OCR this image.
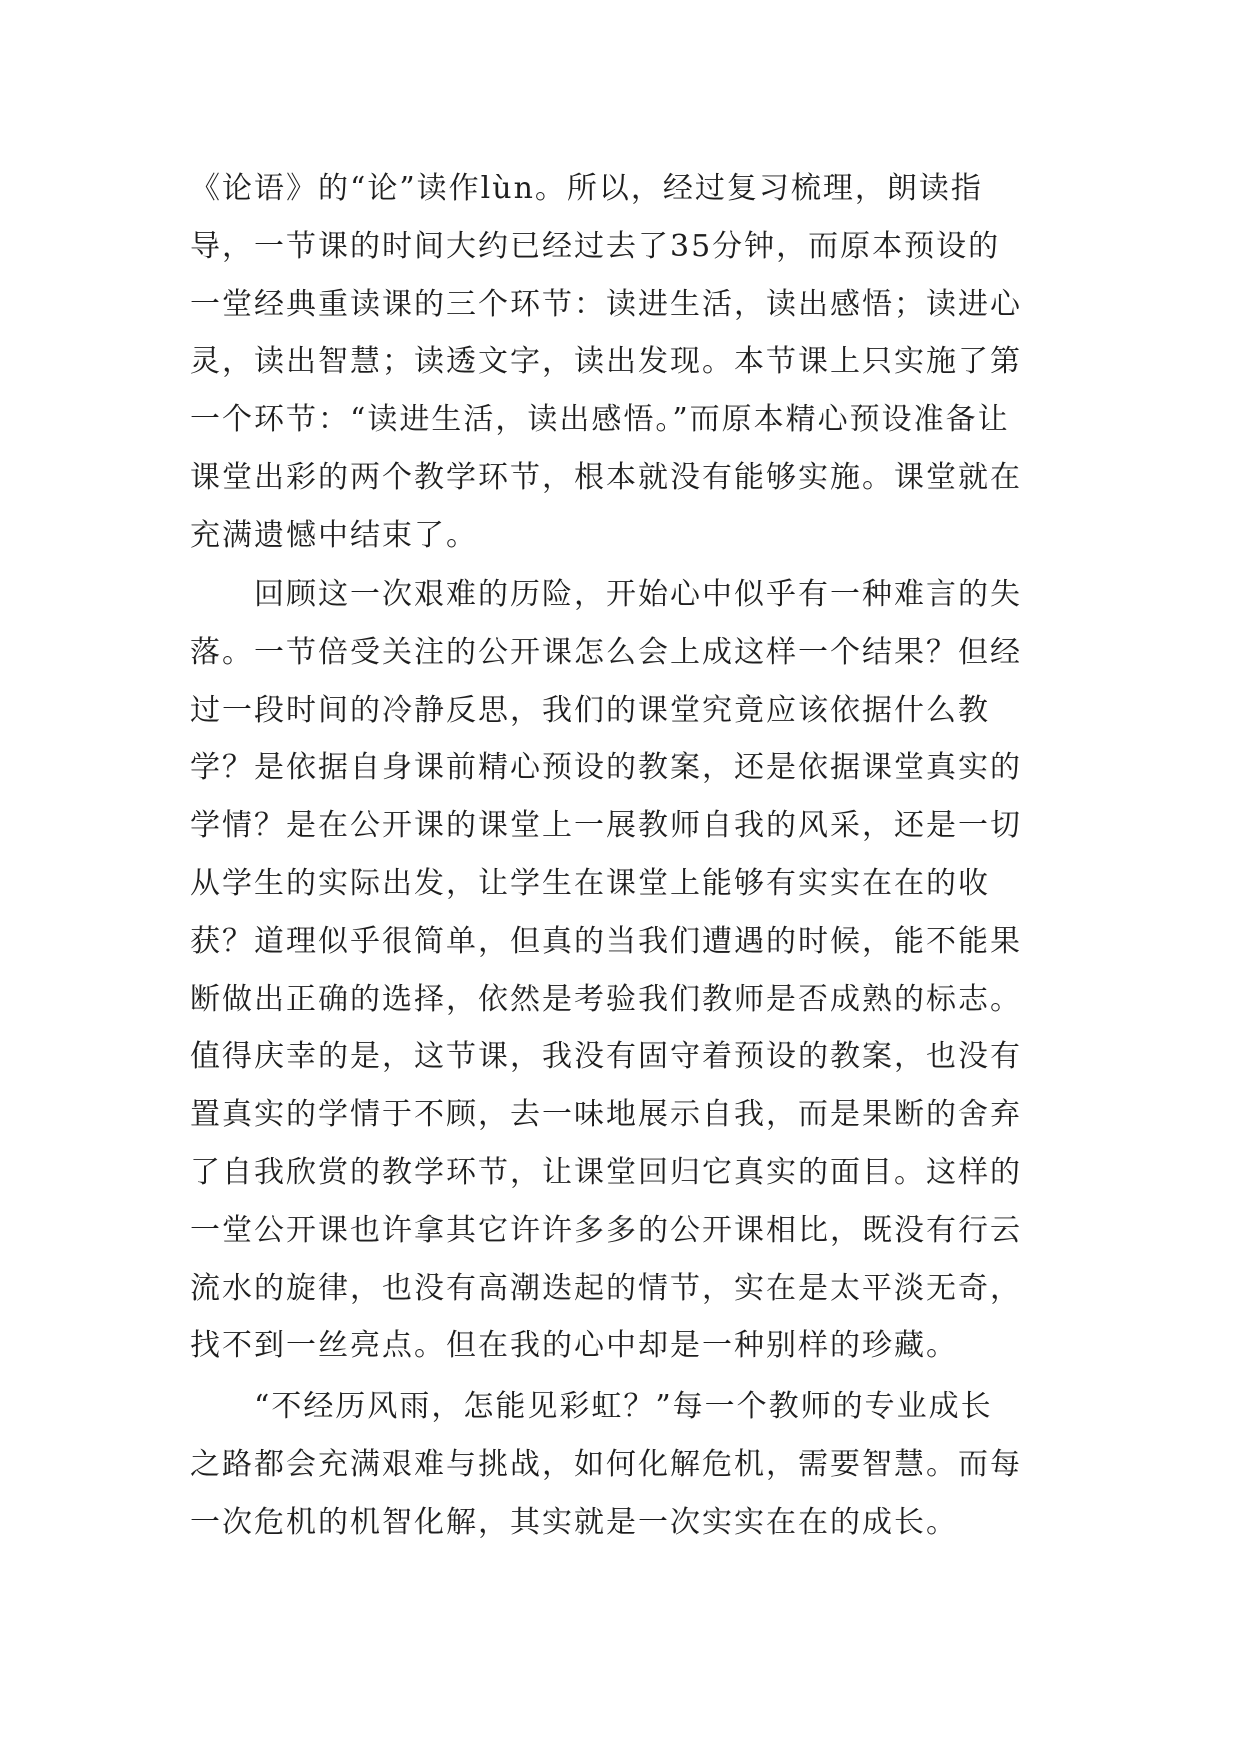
《论语》的“论”读作lùn。所以，经过复习梳理，朗读指
导，一节课的时间大约已经过去了35分钟，而原本预设的
一堂经典重读课的三个环节：读进生活，读出感悟；读进心
灵，读出智慧；读透文字，读出发现。本节课上只实施了第
一个环节：“读进生活，读出感悟。”而原本精心预设准备让
课堂出彩的两个教学环节，根本就没有能够实施。课堂就在
充满遗憾中结束了。
回顾这一次艰难的历险，开始心中似乎有一种难言的失
落。一节倍受关注的公开课怎么会上成这样一个结果？但经
过一段时间的冷静反思，我们的课堂究竟应该依据什么教
学？是依据自身课前精心预设的教案，还是依据课堂真实的
学情？是在公开课的课堂上一展教师自我的风采，还是一切
从学生的实际出发，让学生在课堂上能够有实实在在的收
获？道理似乎很简单，但真的当我们遭遇的时候，能不能果
断做出正确的选择，依然是考验我们教师是否成熟的标志。
值得庆幸的是，这节课，我没有固守着预设的教案，也没有
置真实的学情于不顾，去一味地展示自我，而是果断的舍弃
了自我欣赏的教学环节，让课堂回归它真实的面目。这样的
一堂公开课也许拿其它许许多多的公开课相比，既没有行云
流水的旋律，也没有高潮迭起的情节，实在是太平淡无奇，
找不到一丝亮点。但在我的心中却是一种别样的珍藏。
“不经历风雨，怎能见彩虹？”每一个教师的专业成长
之路都会充满艰难与挑战，如何化解危机，需要智慧。而每
一次危机的机智化解，其实就是一次实实在在的成长。
